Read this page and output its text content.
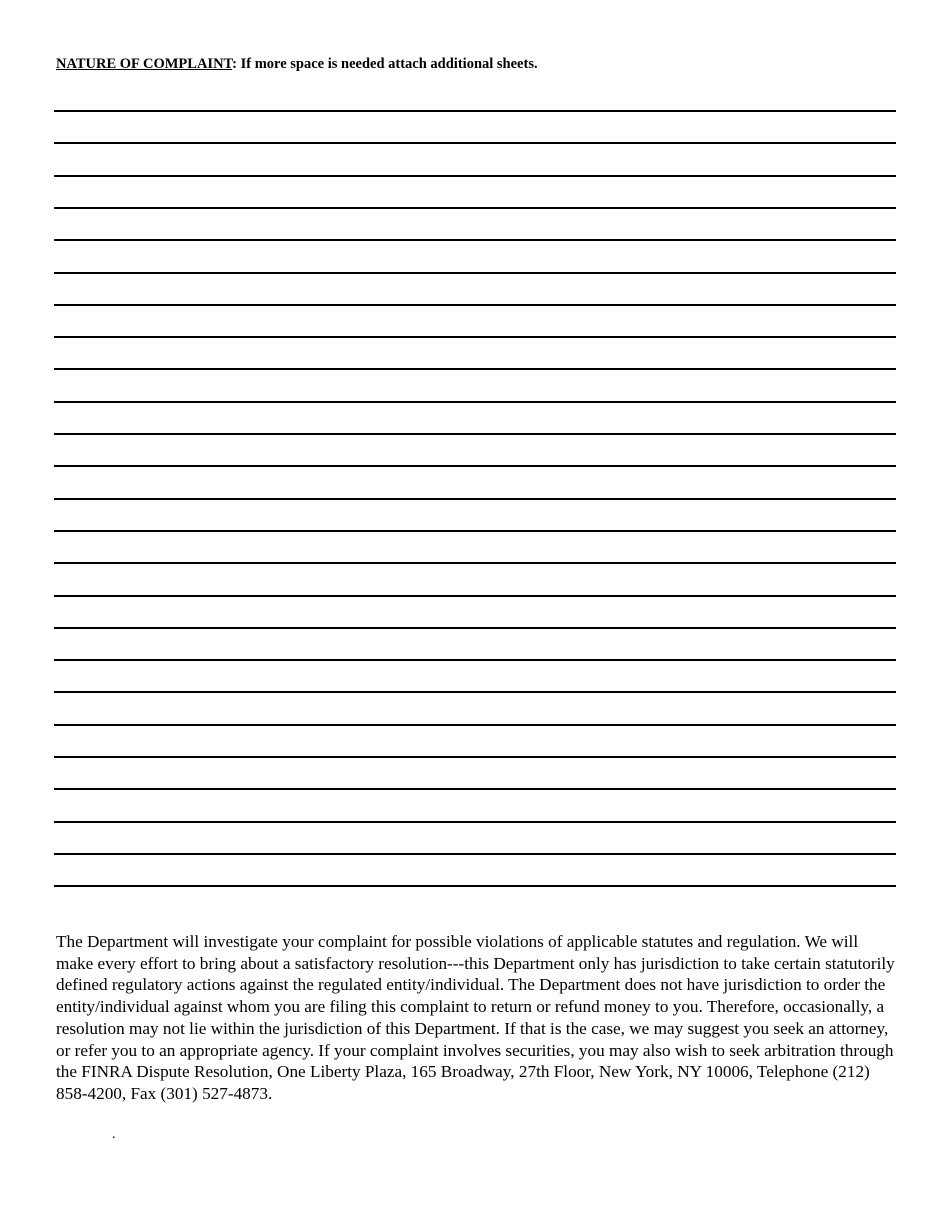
NATURE OF COMPLAINT: If more space is needed attach additional sheets.
The Department will investigate your complaint for possible violations of applicable statutes and regulation. We will make every effort to bring about a satisfactory resolution---this Department only has jurisdiction to take certain statutorily defined regulatory actions against the regulated entity/individual. The Department does not have jurisdiction to order the entity/individual against whom you are filing this complaint to return or refund money to you. Therefore, occasionally, a resolution may not lie within the jurisdiction of this Department. If that is the case, we may suggest you seek an attorney, or refer you to an appropriate agency. If your complaint involves securities, you may also wish to seek arbitration through the FINRA Dispute Resolution, One Liberty Plaza, 165 Broadway, 27th Floor, New York, NY 10006, Telephone (212) 858-4200, Fax (301) 527-4873.
.
